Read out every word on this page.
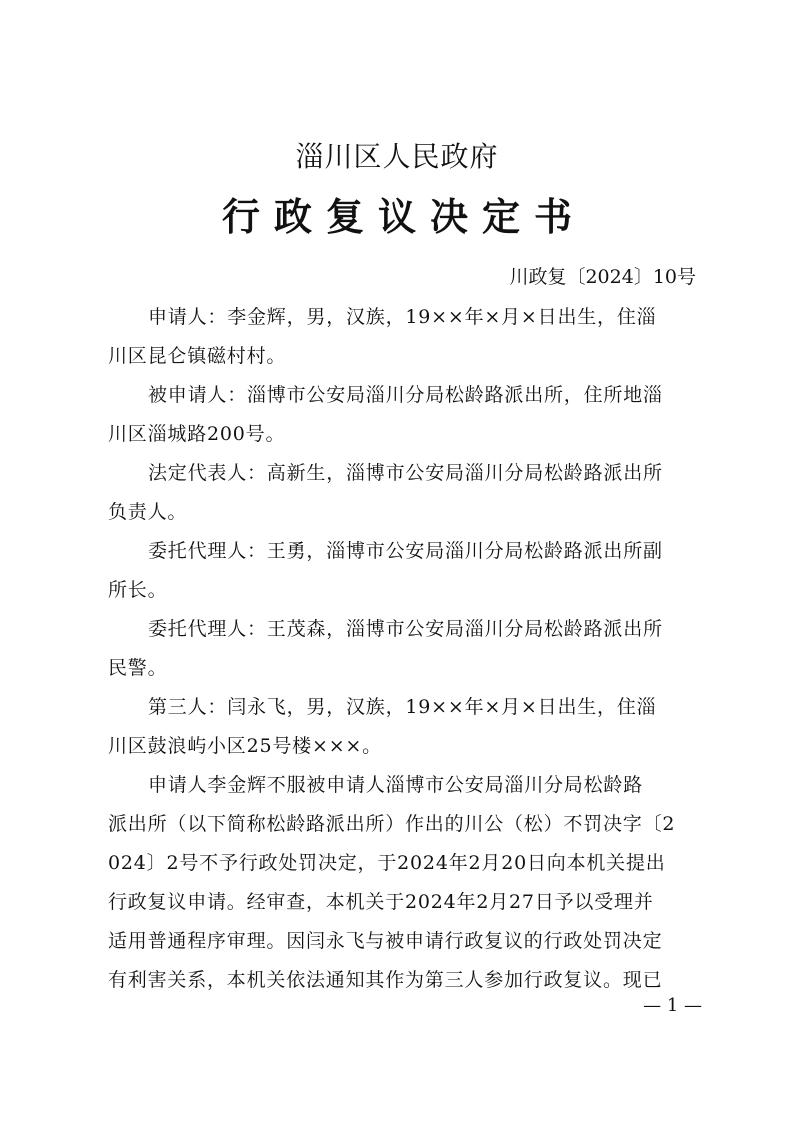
淄川区人民政府
行政复议决定书
川政复〔2024〕10号
申请人：李金辉，男，汉族，19××年×月×日出生，住淄
川区昆仑镇磁村村。
被申请人：淄博市公安局淄川分局松龄路派出所，住所地淄
川区淄城路200号。
法定代表人：高新生，淄博市公安局淄川分局松龄路派出所
负责人。
委托代理人：王勇，淄博市公安局淄川分局松龄路派出所副
所长。
委托代理人：王茂森，淄博市公安局淄川分局松龄路派出所
民警。
第三人：闫永飞，男，汉族，19××年×月×日出生，住淄
川区鼓浪屿小区25号楼×××。
申请人李金辉不服被申请人淄博市公安局淄川分局松龄路
派出所（以下简称松龄路派出所）作出的川公（松）不罚决字〔2
024〕2号不予行政处罚决定，于2024年2月20日向本机关提出
行政复议申请。经审查，本机关于2024年2月27日予以受理并
适用普通程序审理。因闫永飞与被申请行政复议的行政处罚决定
有利害关系，本机关依法通知其作为第三人参加行政复议。现已
— 1 —
